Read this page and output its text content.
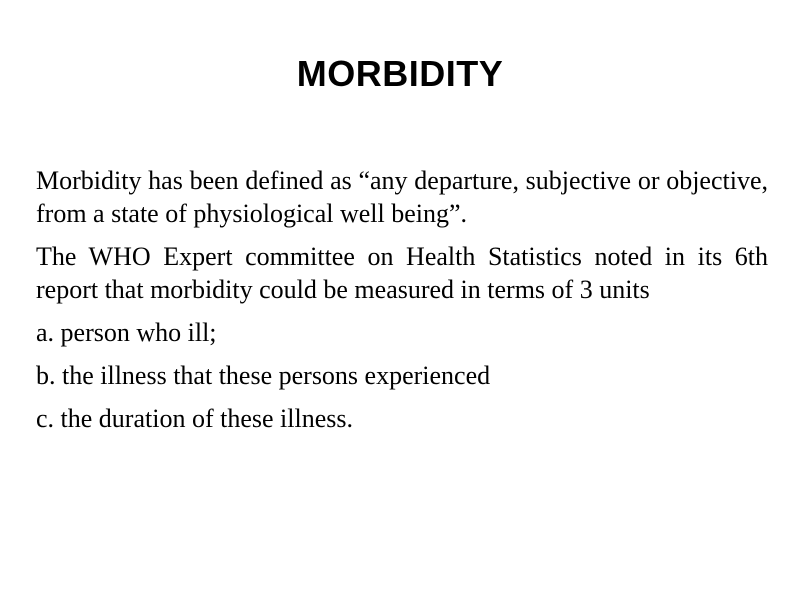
MORBIDITY

Morbidity has been defined as “any departure, subjective or objective, from a state of physiological well being”.

The WHO Expert committee on Health Statistics noted in its 6th report that morbidity could be measured in terms of 3 units

a. person who ill;

b. the illness that these persons experienced

c. the duration of these illness.
